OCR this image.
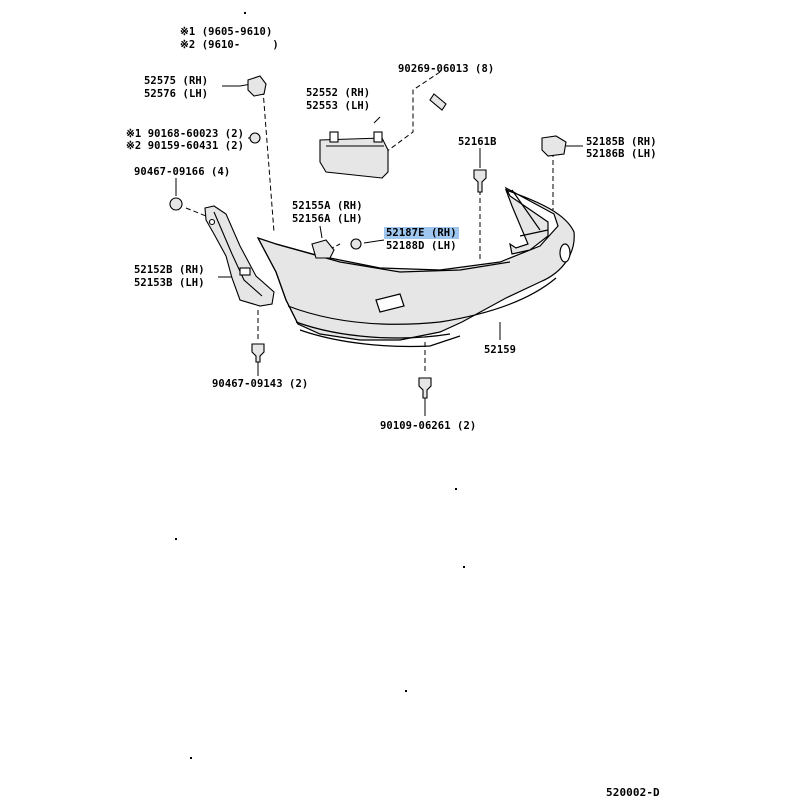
※1 (9605-9610)
※2 (9610-     )
52575 (RH)
52576 (LH)	52552 (RH)
52553 (LH)
90269-06013 (8)
※1 90168-60023 (2)
※2 90159-60431 (2)	52161B	52185B (RH)
52186B (LH)
90467-09166 (4)
52155A (RH)
52156A (LH)
52187E (RH)
52188D (LH)
52152B (RH)
52153B (LH)
52159
90467-09143 (2)
90109-06261 (2)
520002-D
